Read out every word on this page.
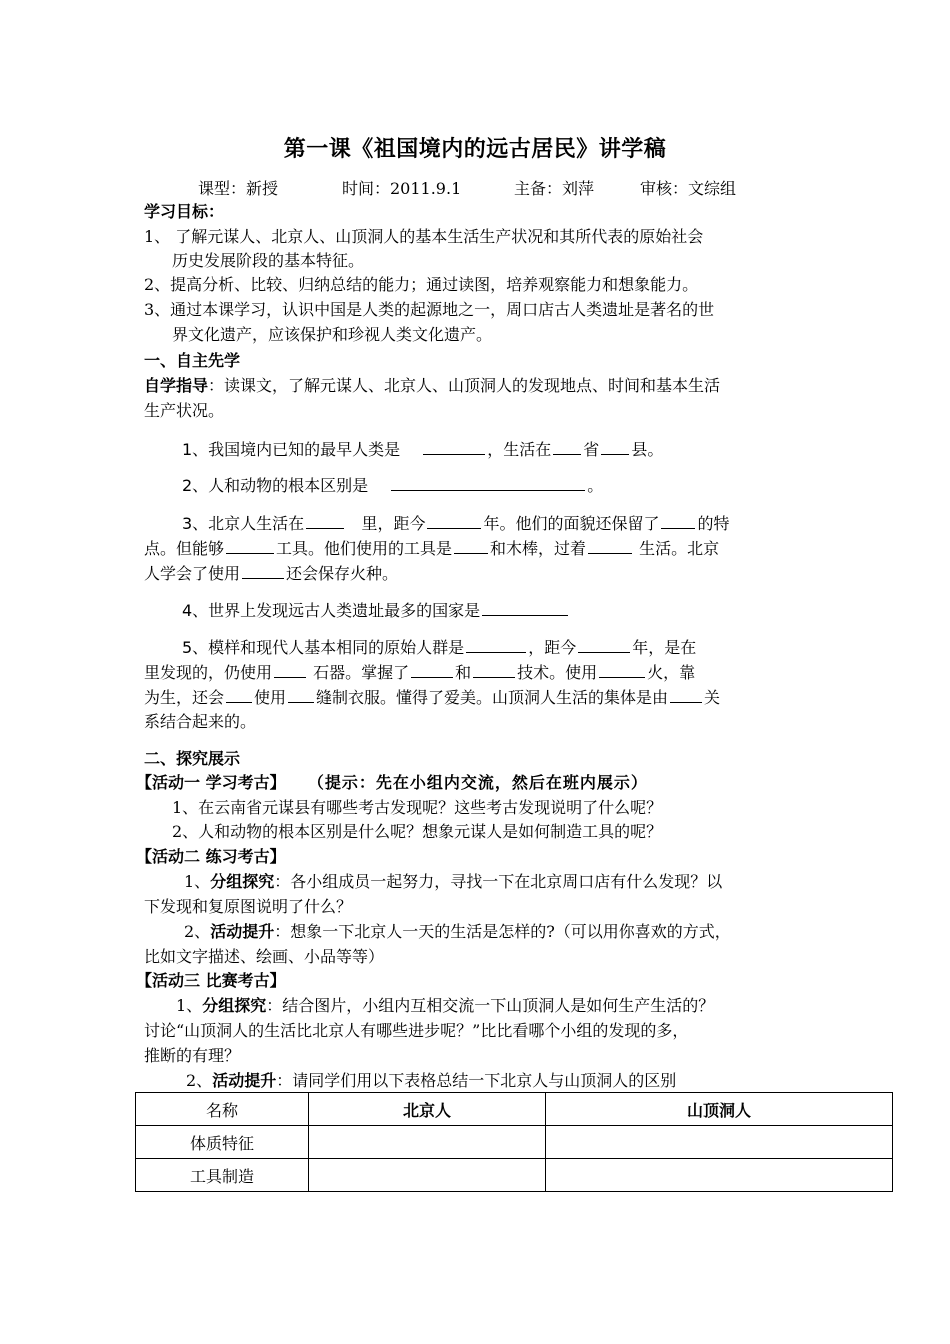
第一课《祖国境内的远古居民》讲学稿
课型：新授	时间：2011.9.1	主备：刘萍	审核：文综组
学习目标：
1、 了解元谋人、北京人、山顶洞人的基本生活生产状况和其所代表的原始社会
历史发展阶段的基本特征。
2、提高分析、比较、归纳总结的能力；通过读图，培养观察能力和想象能力。
3、通过本课学习，认识中国是人类的起源地之一，周口店古人类遗址是著名的世
界文化遗产，应该保护和珍视人类文化遗产。
一、自主先学
自学指导：读课文，了解元谋人、北京人、山顶洞人的发现地点、时间和基本生活
生产状况。
1、我国境内已知的最早人类是	，生活在 省 县。
2、人和动物的根本区别是	。
3、北京人生活在	里，距今	年。他们的面貌还保留了 的特
点。但能够	工具。他们使用的工具是 和木棒，过着	生活。北京
人学会了使用	还会保存火种。
4、世界上发现远古人类遗址最多的国家是
5、模样和现代人基本相同的原始人群是	，距今	年，是在
里发现的，仍使用	石器。掌握了	和	技术。使用	火，靠
为生，还会 使用 缝制衣服。懂得了爱美。山顶洞人生活的集体是由 关
系结合起来的。
二、探究展示
【活动一 学习考古】 （提示：先在小组内交流，然后在班内展示）
1、在云南省元谋县有哪些考古发现呢？这些考古发现说明了什么呢？
2、人和动物的根本区别是什么呢？想象元谋人是如何制造工具的呢？
【活动二 练习考古】
1、分组探究：各小组成员一起努力，寻找一下在北京周口店有什么发现？以
下发现和复原图说明了什么？
2、活动提升：想象一下北京人一天的生活是怎样的?（可以用你喜欢的方式，
比如文字描述、绘画、小品等等）
【活动三 比赛考古】
1、分组探究：结合图片，小组内互相交流一下山顶洞人是如何生产生活的？
讨论“山顶洞人的生活比北京人有哪些进步呢？”比比看哪个小组的发现的多，
推断的有理？
2、活动提升：请同学们用以下表格总结一下北京人与山顶洞人的区别
名称	北京人	山顶洞人
体质特征		
工具制造		
